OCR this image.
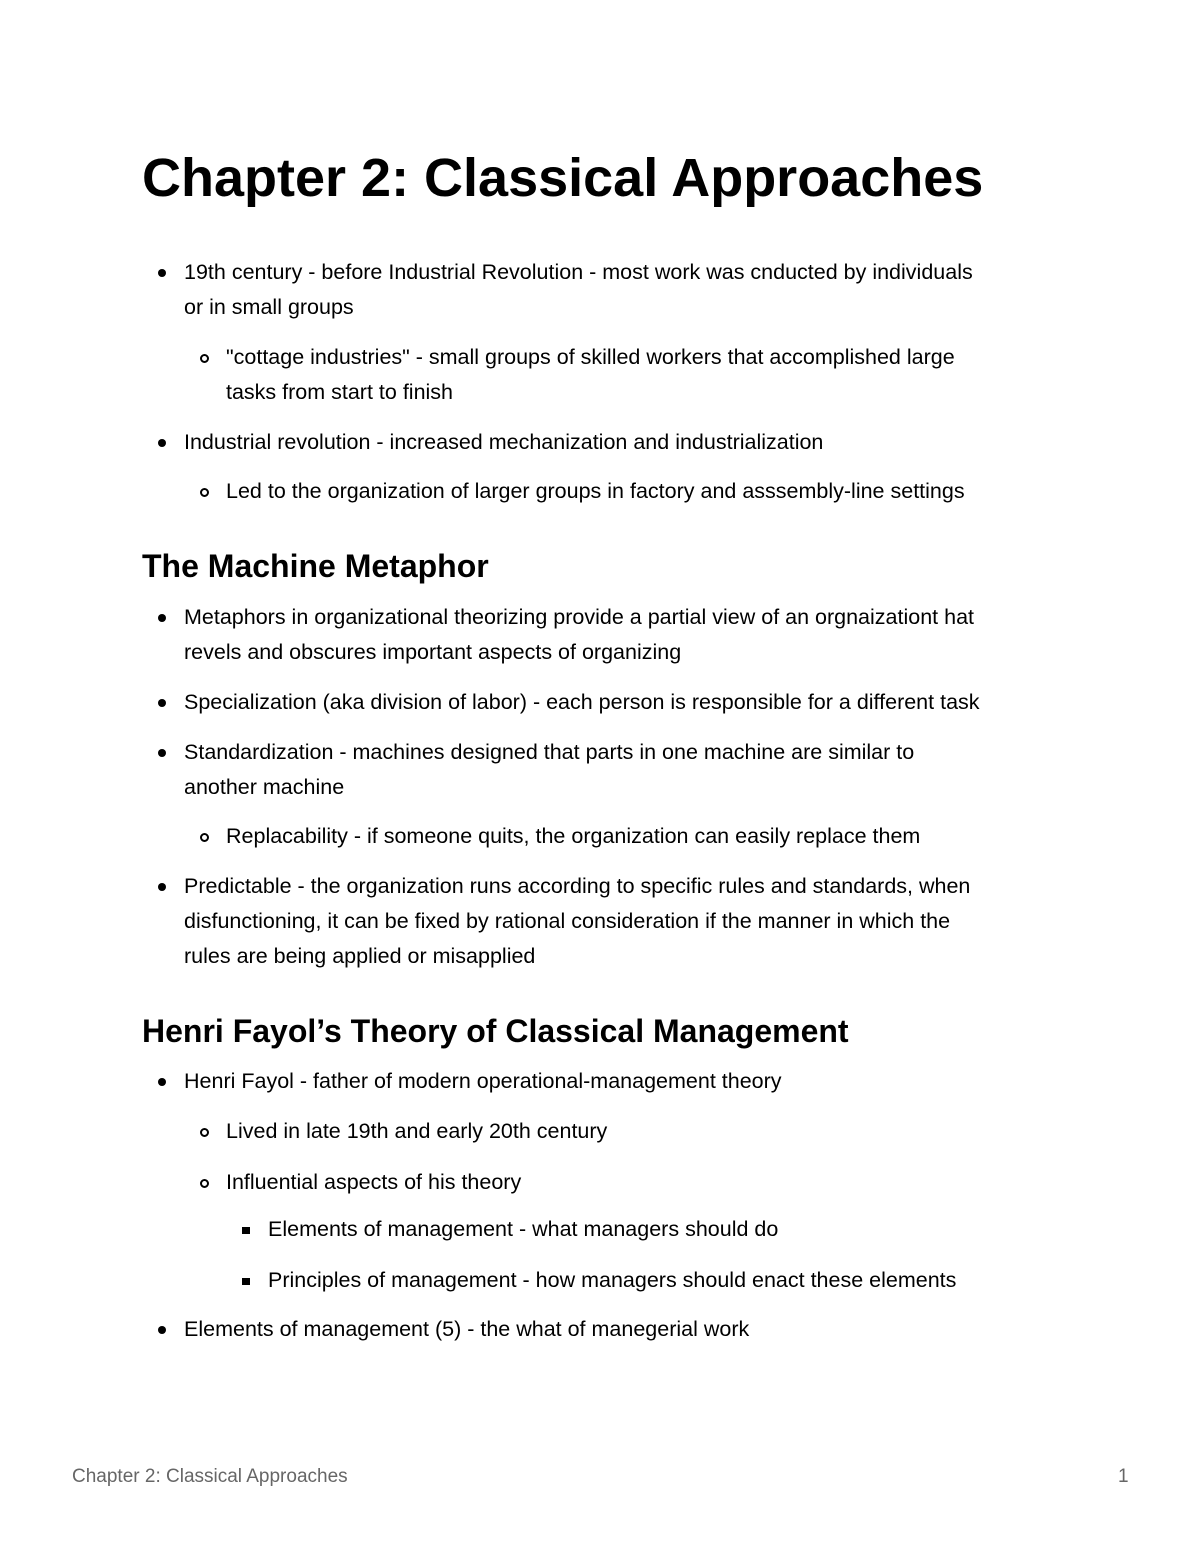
Chapter 2: Classical Approaches
19th century - before Industrial Revolution - most work was cnducted by individuals
or in small groups
"cottage industries" - small groups of skilled workers that accomplished large
tasks from start to finish
Industrial revolution - increased mechanization and industrialization
Led to the organization of larger groups in factory and asssembly-line settings
The Machine Metaphor
Metaphors in organizational theorizing provide a partial view of an orgnaizationt hat
revels and obscures important aspects of organizing
Specialization (aka division of labor) - each person is responsible for a different task
Standardization - machines designed that parts in one machine are similar to
another machine
Replacability - if someone quits, the organization can easily replace them
Predictable - the organization runs according to specific rules and standards, when
disfunctioning, it can be fixed by rational consideration if the manner in which the
rules are being applied or misapplied
Henri Fayol’s Theory of Classical Management
Henri Fayol - father of modern operational-management theory
Lived in late 19th and early 20th century
Influential aspects of his theory
Elements of management - what managers should do
Principles of management - how managers should enact these elements
Elements of management (5) - the what of manegerial work
Chapter 2: Classical Approaches	1
